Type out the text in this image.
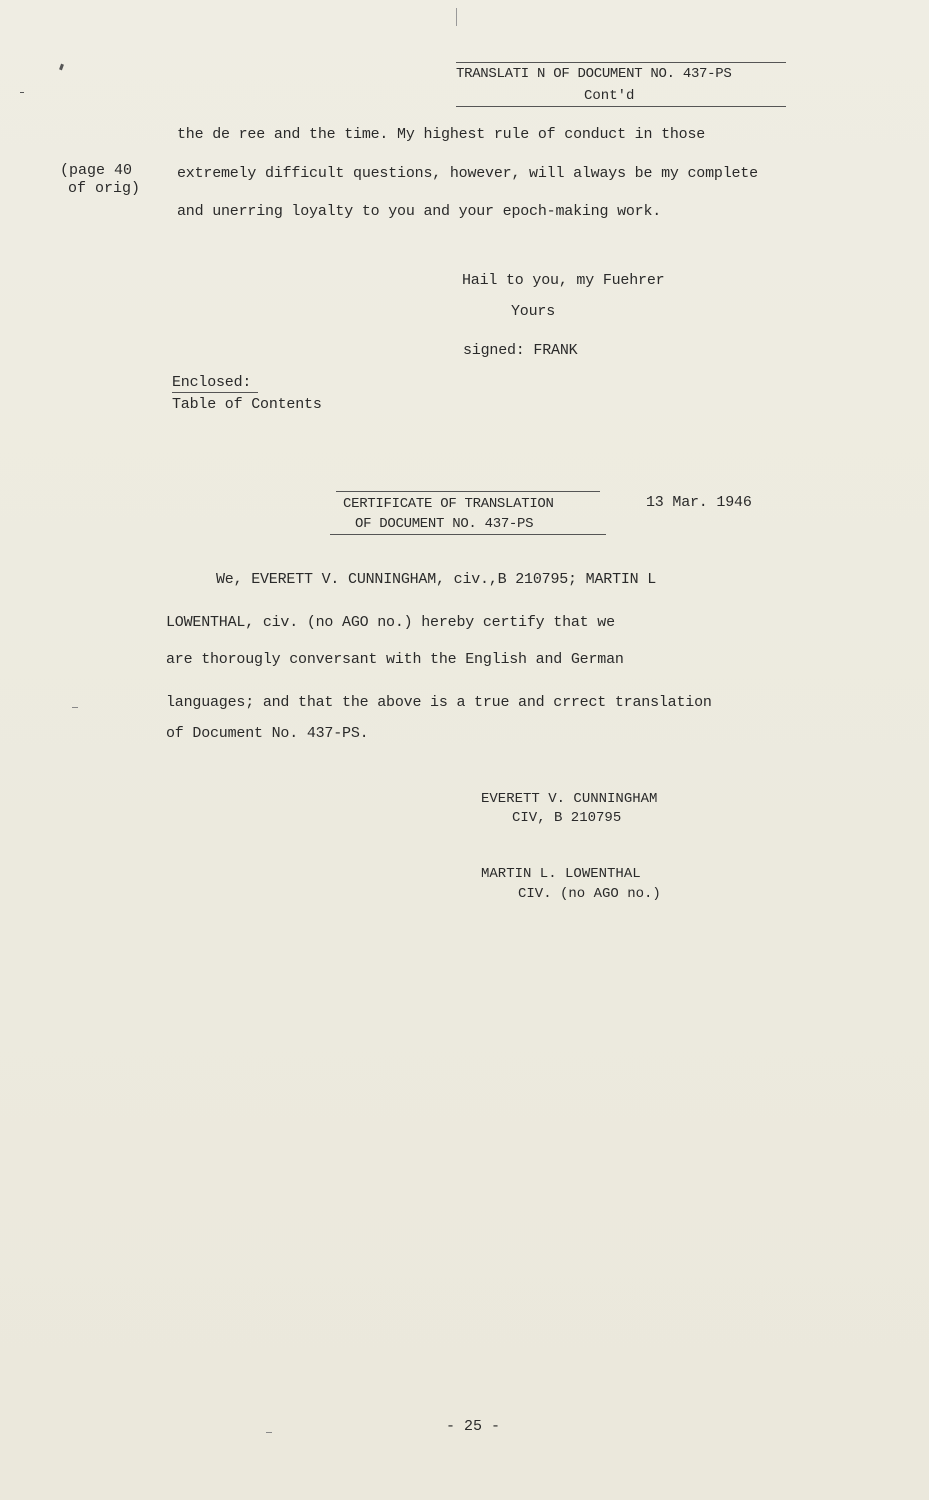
TRANSLATI N OF DOCUMENT NO. 437-PS
Cont'd
the de ree and the time. My highest rule of conduct in those
extremely difficult questions, however, will always be my complete
and unerring loyalty to you and your epoch-making work.
(page 40
of orig)
Hail to you, my Fuehrer
Yours
signed: FRANK
Enclosed:
Table of Contents
CERTIFICATE OF TRANSLATION
OF DOCUMENT NO. 437-PS
13 Mar. 1946
We, EVERETT V. CUNNINGHAM, civ.,B 210795; MARTIN L
LOWENTHAL, civ. (no AGO no.) hereby certify that we
are thorougly conversant with the English and German
languages; and that the above is a true and crrect translation
of Document No. 437-PS.
EVERETT V. CUNNINGHAM
CIV, B 210795
MARTIN L. LOWENTHAL
CIV. (no AGO no.)
- 25 -
